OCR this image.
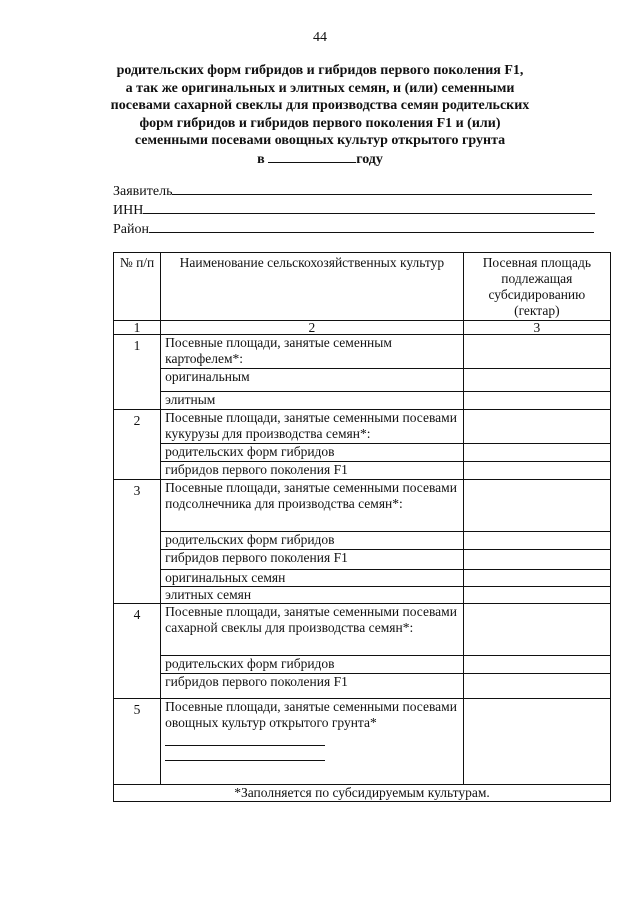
44
родительских форм гибридов и гибридов первого поколения F1,
а так же оригинальных и элитных семян, и (или) семенными
посевами сахарной свеклы для производства семян родительских
форм гибридов и гибридов первого поколения F1 и (или)
семенными посевами овощных культур открытого грунта
в	году
Заявитель
ИНН
Район
№ п/п	Наименование сельскохозяйственных культур	Посевная площадь подлежащая субсидированию (гектар)
1	2	3
1	Посевные площади, занятые семенным картофелем*:	
	оригинальным	
	элитным	
2	Посевные площади, занятые семенными посевами кукурузы для производства семян*:	
	родительских форм гибридов	
	гибридов первого поколения F1	
3	Посевные площади, занятые семенными посевами подсолнечника для производства семян*:	
	родительских форм гибридов	
	гибридов первого поколения F1	
	оригинальных семян	
	элитных семян	
4	Посевные площади, занятые семенными посевами сахарной свеклы для производства семян*:	
	родительских форм гибридов	
	гибридов первого поколения F1	
5	Посевные площади, занятые семенными посевами овощных культур открытого грунта*

*Заполняется по субсидируемым культурам.		
